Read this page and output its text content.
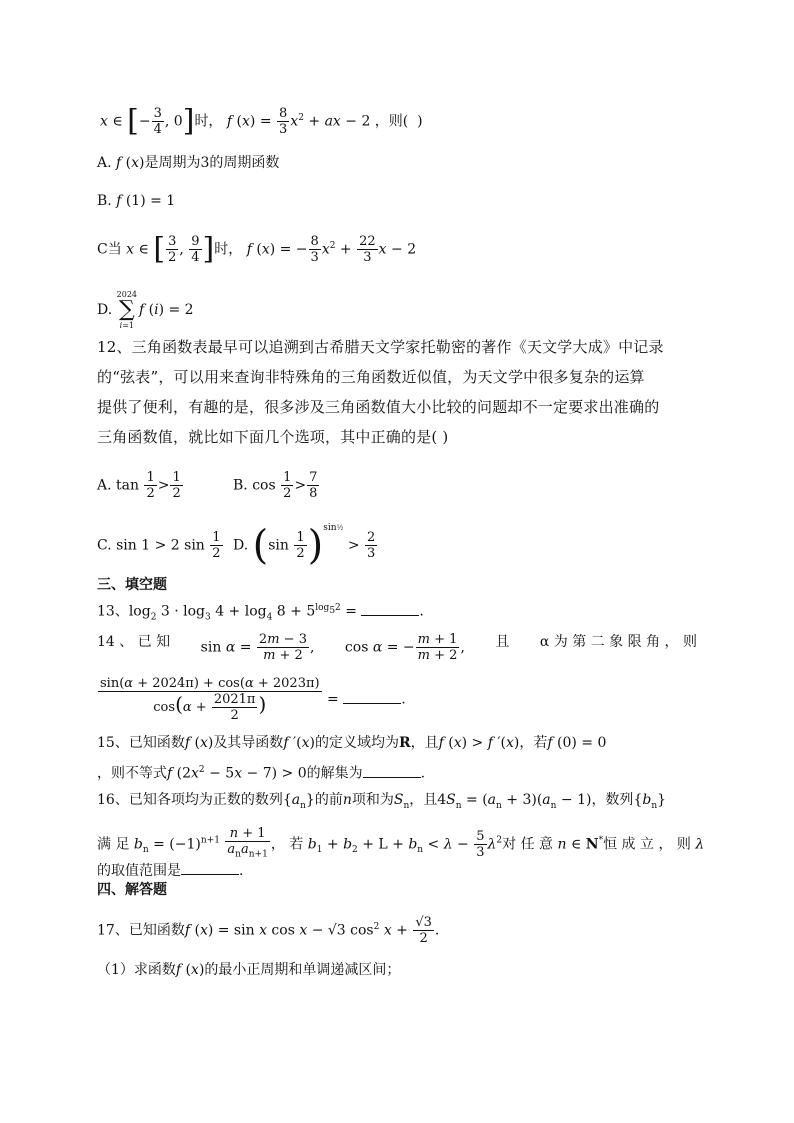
x ∈ [− $\frac{3}{4}$ , 0]时， f $(x) = \frac{8}{3} x^2$ + ax − 2 ，则(  )
A. f (x)是周期为3的周期函数
B. f (1) = 1
C当 x ∈ [ $\frac{3}{2}$ , $\frac{9}{4}$ ]时， f (x) = − $\frac{8}{3} x^2 + \frac{22}{3}$ x − 2
D.
2024
∑
i=1
f (i) = 2
12、三角函数表最早可以追溯到古希腊天文学家托勒密的著作《天文学大成》中记录
的“弦表”，可以用来查询非特殊角的三角函数近似值，为天文学中很多复杂的运算
提供了便利，有趣的是，很多涉及三角函数值大小比较的问题却不一定要求出准确的
三角函数值，就比如下面几个选项，其中正确的是( )
A. $\tan \frac{1}{2} > \frac{1}{2}$	B. $\cos \frac{1}{2} > \frac{7}{8}$
C. sin 1 > 2 $\sin \frac{1}{2} D$. $(\sin \frac{1}{2} )^{sin\frac{1}{2}} > \frac{2}{3}$
三、填空题
13、$\log_2 3 \cdot \log_3 4 + \log_4 8 + 5^{log_52}$ =	.
14 、 已 知 $\sin \alpha = \frac{2m - 3}{m + 2}$ , cos α = − $\frac{m + 1}{m + 2}$ , 且 α 为 第 二 象 限 角 ， 则
$\frac{\sin(\alpha + 2024\pi) + \cos(\alpha + 2023\pi)}{\cos(\alpha + \frac{2021\pi}{2} )}$ =	.
15、已知函数f (x)及其导函数f ′(x)的定义域均为R，且f (x) > f ′(x)，若f (0) = 0
，则不等式f $(2x^2 - 5x - 7) > 0$的解集为	.
16、已知各项均为正数的数列$\{a_n\}$的前n项和为$S_n$，且$4S_n = (a_n + 3)(a_n - 1)$，数列$\{b_n\}$
满 足 $b_n = (-1)^{n+1} \frac{n + 1}{a_na_{n+1}}$ ， 若 $b_1 + b_2 + L + b_n < \lambda - \frac{5}{3} \lambda^2$对 任 意 n ∈ N*恒 成 立 ， 则 λ
的取值范围是	.
四、解答题
17、已知函数f (x) = sin x cos x − √3 $\cos^2 x + \frac{√3}{2}$ .
（1）求函数f (x)的最小正周期和单调递减区间；
